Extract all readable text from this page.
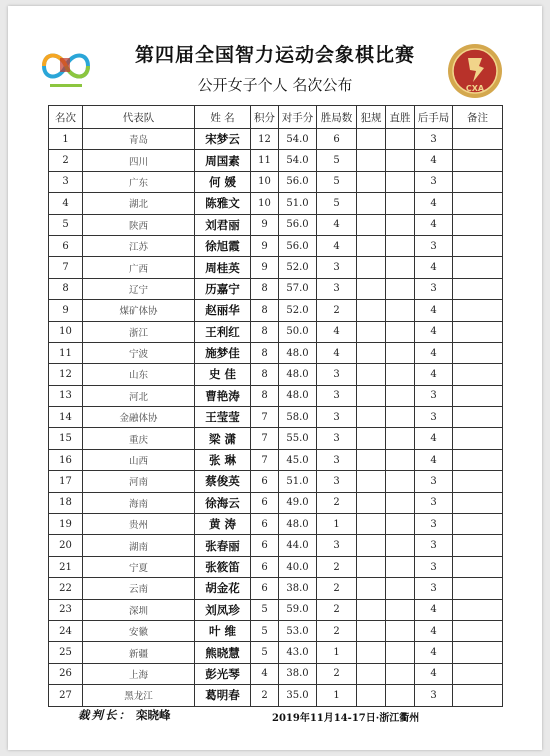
CXA
第四届全国智力运动会象棋比赛
公开女子个人 名次公布
名次	代表队	姓 名	积分	对手分	胜局数	犯规	直胜	后手局	备注
1	青岛	宋梦云	12	54.0	6			3	
2	四川	周国素	11	54.0	5			4	
3	广东	何 媛	10	56.0	5			3	
4	湖北	陈雅文	10	51.0	5			4	
5	陕西	刘君丽	9	56.0	4			4	
6	江苏	徐旭霞	9	56.0	4			3	
7	广西	周桂英	9	52.0	3			4	
8	辽宁	历嘉宁	8	57.0	3			3	
9	煤矿体协	赵丽华	8	52.0	2			4	
10	浙江	王利红	8	50.0	4			4	
11	宁波	施梦佳	8	48.0	4			4	
12	山东	史 佳	8	48.0	3			4	
13	河北	曹艳涛	8	48.0	3			3	
14	金融体协	王莹莹	7	58.0	3			3	
15	重庆	梁 潇	7	55.0	3			4	
16	山西	张 琳	7	45.0	3			4	
17	河南	蔡俊英	6	51.0	3			3	
18	海南	徐海云	6	49.0	2			3	
19	贵州	黄 涛	6	48.0	1			3	
20	湖南	张春丽	6	44.0	3			3	
21	宁夏	张筱笛	6	40.0	2			3	
22	云南	胡金花	6	38.0	2			3	
23	深圳	刘凤珍	5	59.0	2			4	
24	安徽	叶 维	5	53.0	2			4	
25	新疆	熊晓慧	5	43.0	1			4	
26	上海	彭光琴	4	38.0	2			4	
27	黑龙江	葛明春	2	35.0	1			3	
裁判长： 栾晓峰	2019年11月14-17日·浙江衢州
